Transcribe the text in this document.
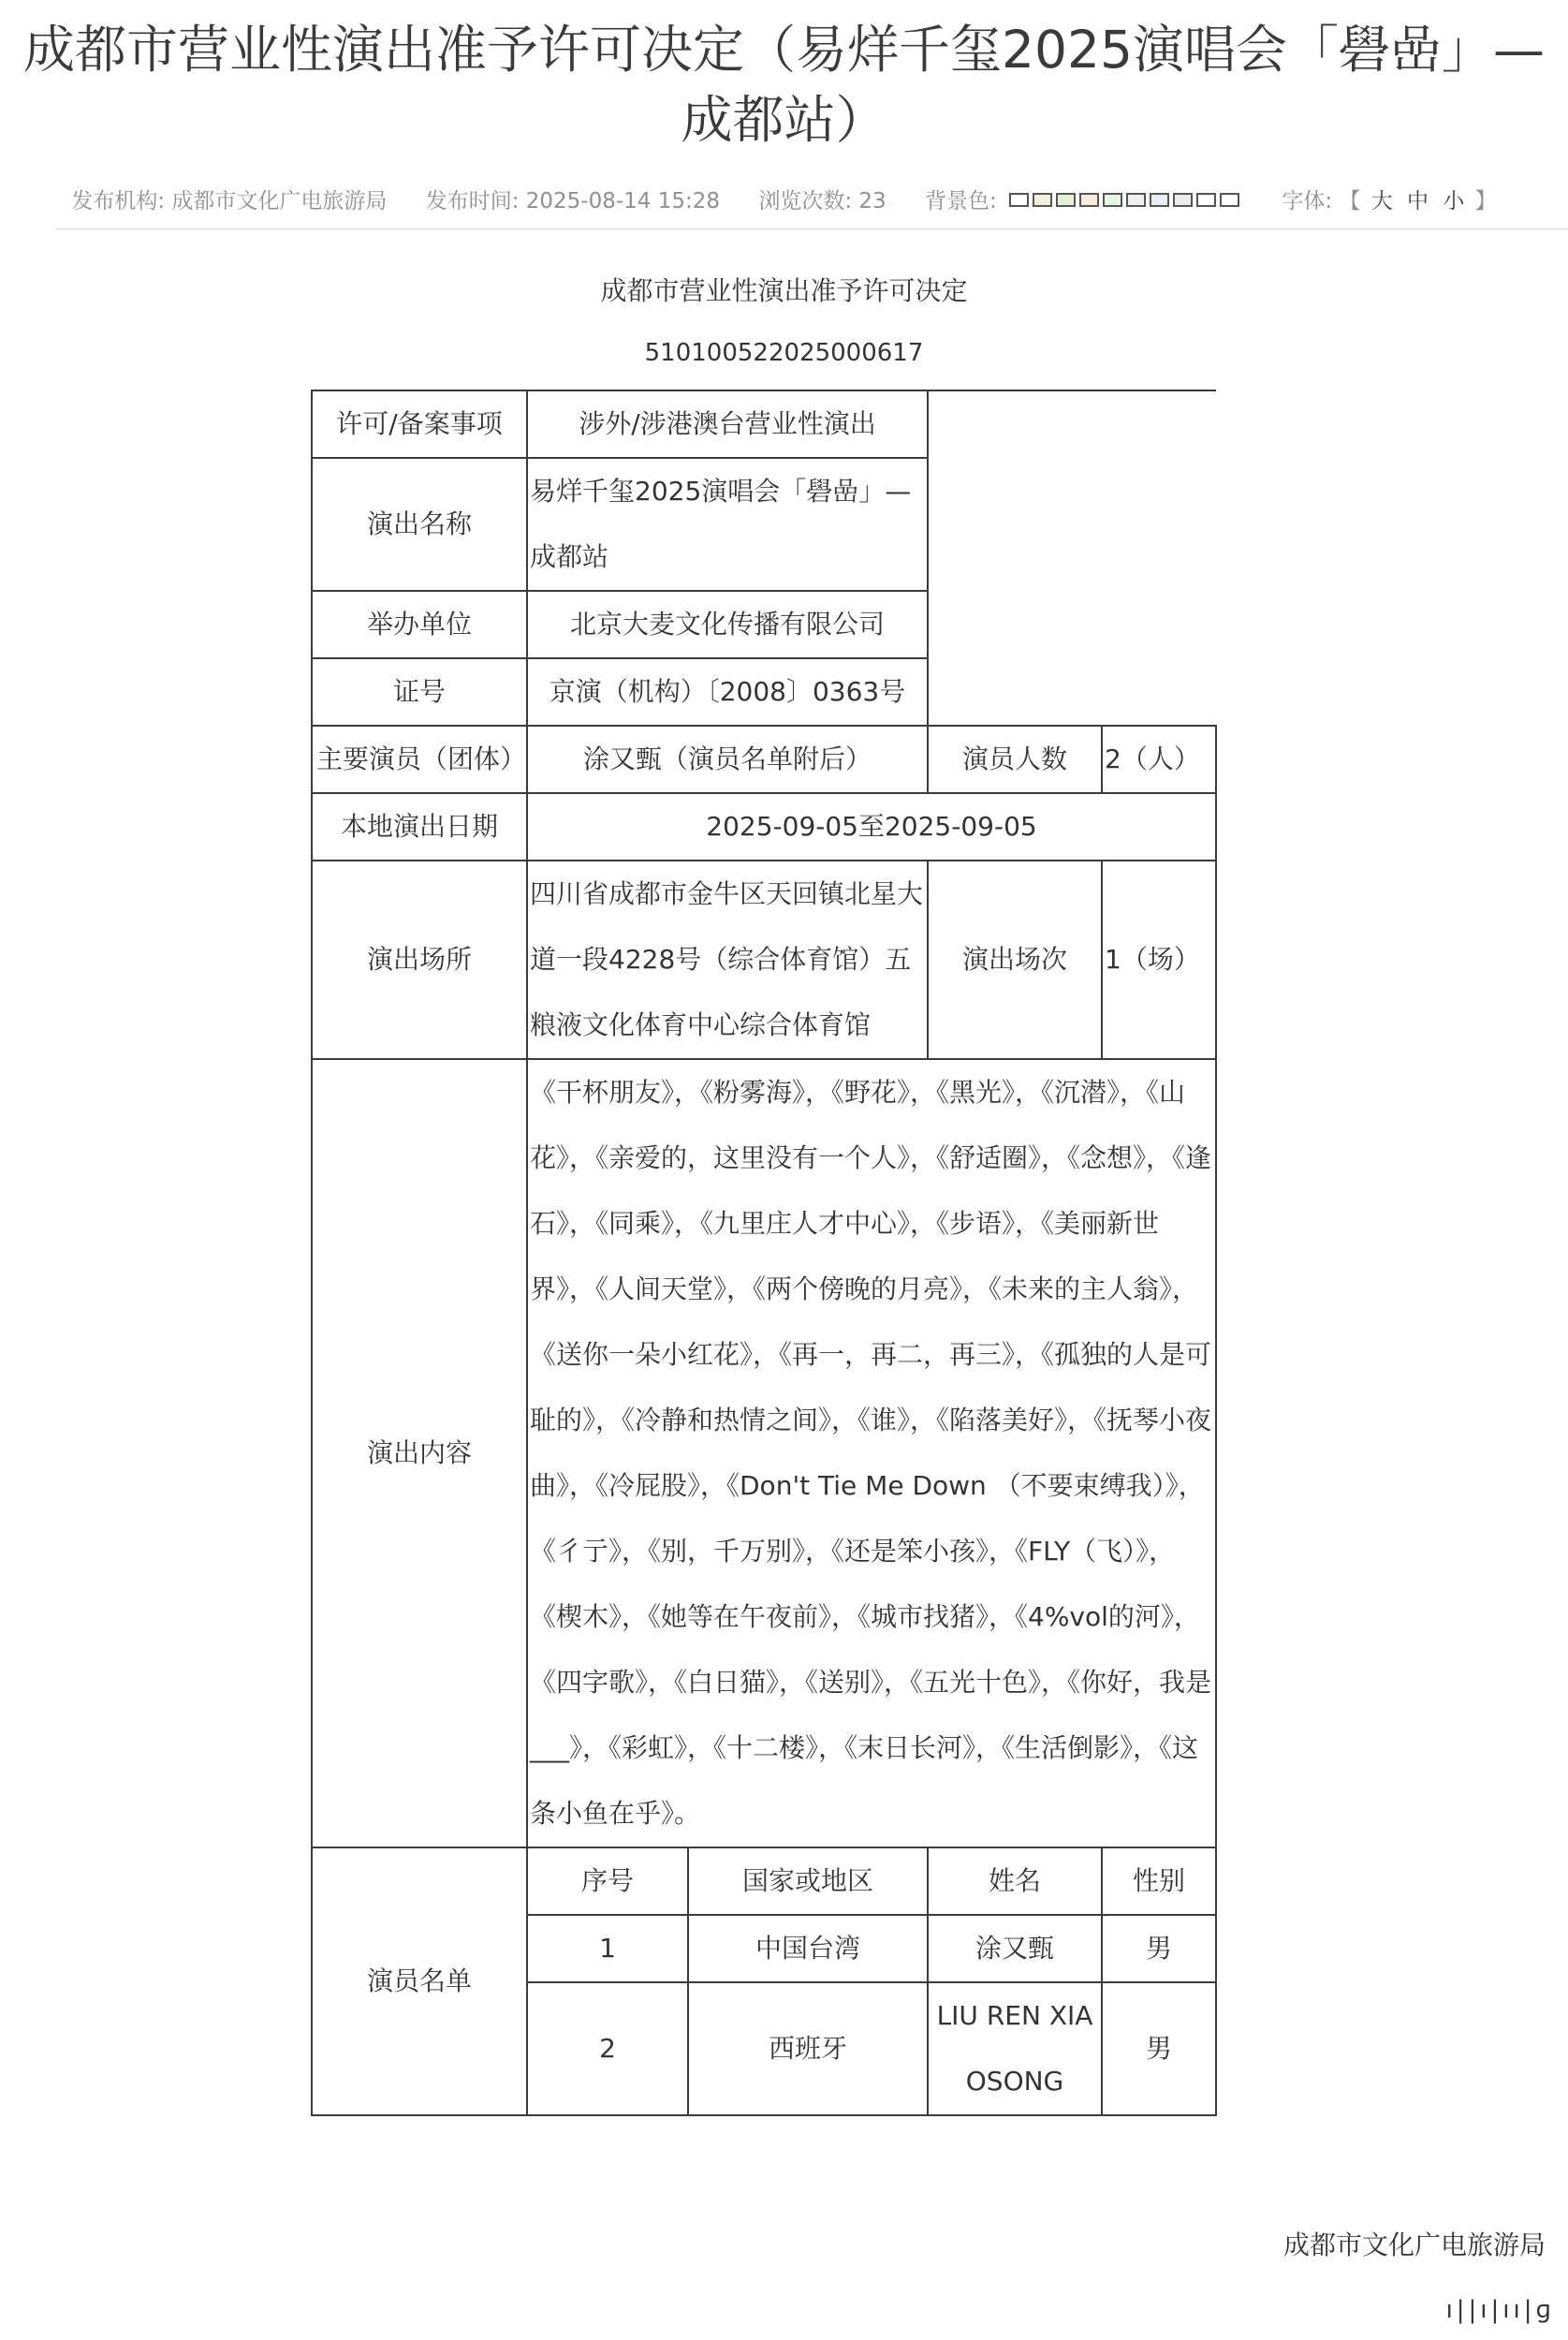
成都市营业性演出准予许可决定（易烊千玺2025演唱会「礐嵒」—成都站）
发布机构: 成都市文化广电旅游局 发布时间: 2025-08-14 15:28 浏览次数: 23 背景色:	字体: 【 大 中 小 】
成都市营业性演出准予许可决定
510100522025000617
许可/备案事项	涉外/涉港澳台营业性演出			
演出名称	易烊千玺2025演唱会「礐嵒」—成都站			
举办单位	北京大麦文化传播有限公司			
证号	京演（机构）〔2008〕0363号			
主要演员（团体）	涂又甄（演员名单附后）		演员人数	2（人）
本地演出日期	2025-09-05至2025-09-05			
演出场所	四川省成都市金牛区天回镇北星大道一段4228号（综合体育馆）五粮液文化体育中心综合体育馆		演出场次	1（场）
演出内容	《干杯朋友》，《粉雾海》，《野花》，《黑光》，《沉潜》，《山花》，《亲爱的，这里没有一个人》，《舒适圈》，《念想》，《逢石》，《同乘》，《九里庄人才中心》，《步语》，《美丽新世界》，《人间天堂》，《两个傍晚的月亮》，《未来的主人翁》，《送你一朵小红花》，《再一，再二，再三》，《孤独的人是可耻的》，《冷静和热情之间》，《谁》，《陷落美好》，《抚琴小夜曲》，《冷屁股》，《Don't Tie Me Down （不要束缚我）》，《彳亍》，《别，千万别》，《还是笨小孩》，《FLY（飞）》，《楔木》，《她等在午夜前》，《城市找猪》，《4%vol的河》，《四字歌》，《白日猫》，《送别》，《五光十色》，《你好，我是___》，《彩虹》，《十二楼》，《末日长河》，《生活倒影》，《这条小鱼在乎》。			
演员名单	序号	国家或地区	姓名	性别
	1	中国台湾	涂又甄	男
	2	西班牙	LIU REN XIAOSONG	男
成都市文化广电旅游局
ı||ı|ıı|ɡ
